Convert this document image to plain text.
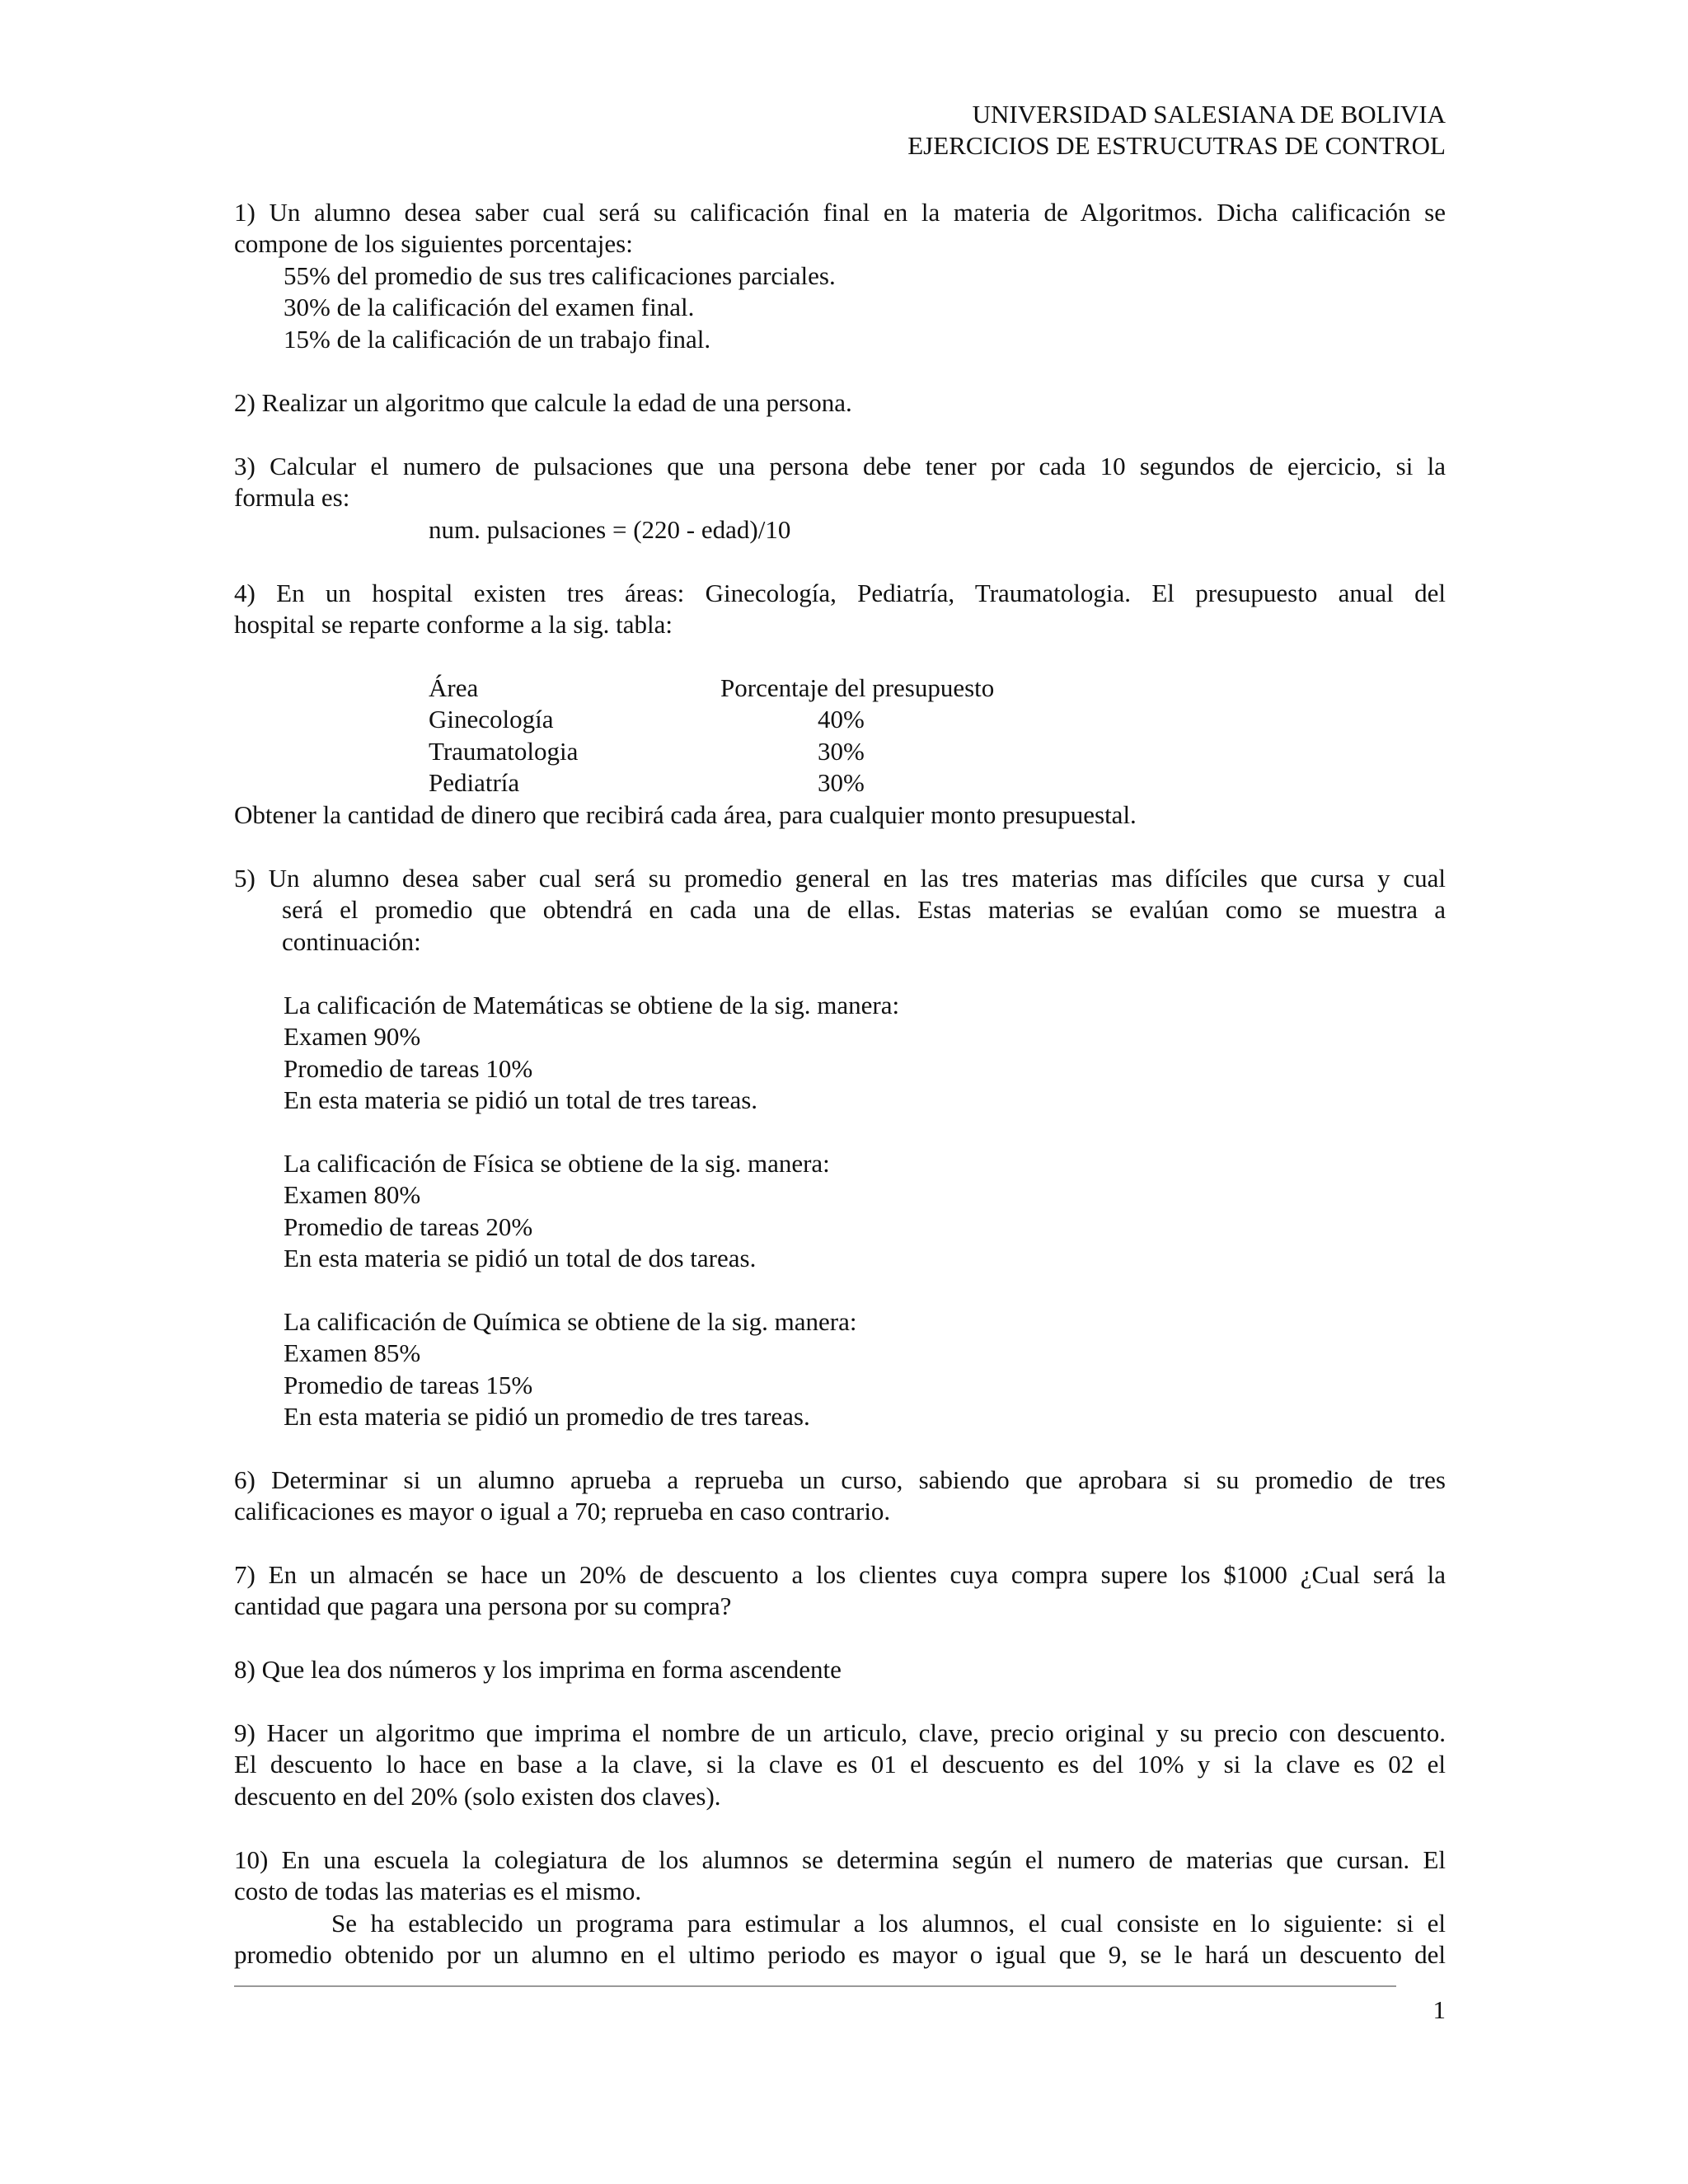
UNIVERSIDAD SALESIANA DE BOLIVIA
EJERCICIOS DE ESTRUCUTRAS DE CONTROL
1) Un alumno desea saber cual será su calificación final en la materia de Algoritmos. Dicha calificación se
compone de los siguientes porcentajes:
55% del promedio de sus tres calificaciones parciales.
30% de la calificación del examen final.
15% de la calificación de un trabajo final.
2) Realizar un algoritmo que calcule la edad de una persona.
3) Calcular el numero de pulsaciones que una persona debe tener por cada 10 segundos de ejercicio, si la
formula es:
num. pulsaciones = (220 - edad)/10
4) En un hospital existen tres áreas: Ginecología, Pediatría, Traumatologia. El presupuesto anual del
hospital se reparte conforme a la sig. tabla:
Área	Porcentaje del presupuesto
Ginecología	40%
Traumatologia	30%
Pediatría	30%
Obtener la cantidad de dinero que recibirá cada área, para cualquier monto presupuestal.
5) Un alumno desea saber cual será su promedio general en las tres materias mas difíciles que cursa y cual
será el promedio que obtendrá en cada una de ellas. Estas materias se evalúan como se muestra a
continuación:
La calificación de Matemáticas se obtiene de la sig. manera:
Examen 90%
Promedio de tareas 10%
En esta materia se pidió un total de tres tareas.
La calificación de Física se obtiene de la sig. manera:
Examen 80%
Promedio de tareas 20%
En esta materia se pidió un total de dos tareas.
La calificación de Química se obtiene de la sig. manera:
Examen 85%
Promedio de tareas 15%
En esta materia se pidió un promedio de tres tareas.
6) Determinar si un alumno aprueba a reprueba un curso, sabiendo que aprobara si su promedio de tres
calificaciones es mayor o igual a 70; reprueba en caso contrario.
7) En un almacén se hace un 20% de descuento a los clientes cuya compra supere los $1000 ¿Cual será la
cantidad que pagara una persona por su compra?
8) Que lea dos números y los imprima en forma ascendente
9) Hacer un algoritmo que imprima el nombre de un articulo, clave, precio original y su precio con descuento.
El descuento lo hace en base a la clave, si la clave es 01 el descuento es del 10% y si la clave es 02 el
descuento en del 20% (solo existen dos claves).
10) En una escuela la colegiatura de los alumnos se determina según el numero de materias que cursan. El
costo de todas las materias es el mismo.
Se ha establecido un programa para estimular a los alumnos, el cual consiste en lo siguiente: si el
promedio obtenido por un alumno en el ultimo periodo es mayor o igual que 9, se le hará un descuento del
1
